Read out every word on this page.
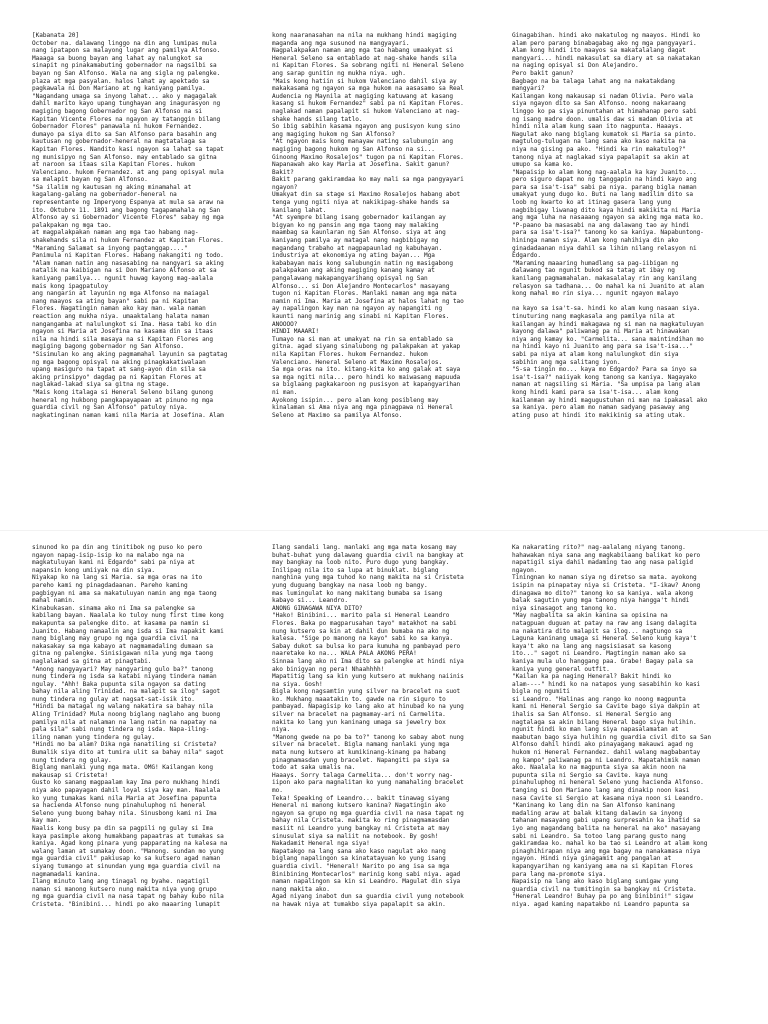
[Kabanata 20]
October na. dalawang linggo na din ang lumipas mula
nang ipatapon sa malayong lugar ang pamilya Alfonso.
Maaaga sa buong bayan ang lahat ay nalungkot sa
sinapit ng pinakamabuting gobernador na nagsilbi sa
bayan ng San Alfonso. Wala na ang sigla ng palengke.
plaza at mga pasyalan. halos lahat ay apektado sa
pagkawala ni Don Mariano at ng kaniyang pamilya.
"Nagandang umaga sa inyong lahat... ako y magagalak
dahil marito kayo upang tunghayan ang inagurasyon ng
magiging bagong Gobernador ng San Alfonso na si
Kapitan Vicente Flores na ngayon ay tatanggin bilang
Gobernador Flores" panawala ni hukom Fernandez.
dumayo pa siya dito sa San Alfonso para basahin ang
kautusan ng gobernador-heneral na magtatalaga sa
Kapitan Flores. Nandito kasi ngayon sa lahat sa tapat
ng munisipyo ng San Alfonso. may entablado sa gitna
at naroon sa itaas sila Kapitan Flores. hukom
Valenciano. hukom Fernandez. at ang pang opisyal mula
sa malapit bayan ng San Alfonso.
"Sa ilalim ng kautusan ng aking minamahal at
kagalang-galang na gobernador-heneral na
representante ng Imperyong Espanya at mula sa araw na
ito. Oktubre 11. 1891 ang bagong tagapamahala ng San
Alfonso ay si Gobernador Vicente Flores" sabay ng mga
palakpakan ng mga tao.
at magpalakpakan naman ang mga tao habang nag-
shakehands sila ni hukom Fernandez at Kapitan Flores.
"Maraming Salamat sa inyong pagtanggap...."
Panimula ni Kapitan Flores. Habang nakangiti ng todo.
"Alam naman natin ang nasasabing na nangyari sa aking
natalik na kaibigan na si Don Mariano Alfonso at sa
kaniyang pamilya... ngunit huwag kayong mag-aalala
mais kong ipagpatuloy
ang nangarin at layunin ng mga Alfonso na maiagal
nang maayos sa ating bayan" sabi pa ni Kapitan
Flores. Nagatingin naman ako kay man. wala naman
reaction ang mukha niya. umaaktalang halata naman
nangangamba at nalulungkot si Ima. Hasa tabi ko din
ngayon si Maria at Josefina na kasama din sa itaas
nila na hindi sila masaya na si Kapitan Flores ang
magiging bagong gobernador ng San Alfonso.
"Sisimulan ko ang aking pagmamahal layunin sa pagtatag
ng mga bagong opisyal na aking pinagkakatiwalaan
upang masiguro na tapat at sang-ayon din sila sa
aking prinsipyo" dagdag pa ni Kapitan Flores at
naglakad-lakad siya sa gitna ng stage.
"Mais kong italaga si Heneral Seleno bilang gunong
heneral ng hukbong pangkapayapaan at pinuno ng mga
guardia civil ng San Alfonso" patuloy niya.
nagkatinginan naman kami nila Maria at Josefina. Alam
kong naaranasahan na nila na mukhang hindi magiging
maganda ang mga susunod na mangyayari.
Nagpalakpakan naman ang mga tao habang umaakyat si
Heneral Seleno sa entablado at nag-shake hands sila
ni Kapitan Flores. Sa sobrang ngiti ni Heneral Seleno
ang sarap gunitin ng mukha niya. ugh.
"Mais kong hatiin si hukom Valenciano dahil siya ay
makakasama ng ngayon sa mga hukom na aasasamo sa Real
Audencia ng Maynila at magiging katuwang at kasang
kasang si hukom Fernandez" sabi pa ni Kapitan Flores.
naglakad naman papalapit si hukom Valenciano at nag-
shake hands silang tatlo.
So ibig sabihin kasama ngayon ang pusisyon kung sino
ang magiging hukom ng San Alfonso?
"At ngayon mais kong manayaw nating salubungin ang
magiging bagong hukom ng San Alfonso na si...
Ginoong Maximo Rosalejos" tugon pa ni Kapitan Flores.
Napanawah ako kay Maria at Josefina. Sakit ganun?
Bakit?
Bakit parang gakiramdaa ko may mali sa mga pangyayari
ngayon?
Umakyat din sa stage si Maximo Rosalejos habang abot
tenga yung ngiti niya at nakikipag-shake hands sa
kanilang lahat.
"At syempre bilang isang gobernador kailangan ay
bigyan ko ng pansin ang mga taong may malaking
maambag sa kaunlaran ng San Alfonso. siya at ang
kaniyang pamilya ay matagal nang nagbibigay ng
magandang trabaho at nagpapaunlad ng kabuhayan.
industriya at ekonomiya ng ating bayan... Mga
kababayan mais kong salubungin natin ng masigabong
palakpakan ang aking magiging kanang kamay at
pangalawang makapangyarihang opisyal ng San
Alfonso... si Don Alejandro Montecarlos" masayang
tugon ni Kapitan Flores. Manlaki naman ang mga mata
namin ni Ima. Maria at Josefina at halos lahat ng tao
ay napalingon kay man na ngayon ay napangiti ng
kaunti nang marinig ang sinabi ni Kapitan Flores.
ANOOOO?
HINDI MAAARI!
Tumayo na si man at umakyat na rin sa entablado sa
gitna. agad siyang sinalubong ng palakpakan at yakap
nila Kapitan Flores. hukom Fernandez. hukom
Valenciano. Heneral Seleno at Maximo Rosalejos.
Sa mga oras na ito. kitang-kita ko ang galak at saya
sa mga ngiti nila... pero hindi ko maiwasang mapuuda
sa biglaang pagkakaroon ng pusisyon at kapangyarihan
ni man.
Ayokong isipin... pero alam kong posibleng may
kinalaman si Ama niya ang mga pinagpawa ni Heneral
Seleno at Maximo sa pamilya Alfonso.
Ginagabihan. hindi ako makatulog ng maayos. Hindi ko
alam pero parang binabagabag ako ng mga pangyayari.
Alam kong hindi ito maayos sa makatalalang dagat
mangyari... hindi makasulat sa diary at sa nakatakan
na naging opisyal si Don Alejandro.
Pero bakit ganun?
Bagbago na ba talaga lahat ang na nakatakdang
mangyari?
Kailangan kong makausap si nadam Olivia. Pero wala
siya ngayon dito sa San Alfonso. noong nakaraang
linggo ko pa siya pinuntahan at himahanap pero sabi
ng isang madre doon. umalis daw si madam Olivia at
hindi nila alam kung saan ito nagpunta. Haaays.
Nagulat ako nang biglang kumatok si Maria sa pinto.
magtulog-tulugan na lang sana ako kaso nakita na
niya na gising pa ako. "Hindi ka rin makatulog?"
tanong niya at naglakad siya papalapit sa akin at
umupo sa kama ko.
"Napaisip ko alam kong nag-aalala ka kay Juanito...
pero siguro dapat mo ng tanggapin na hindi kayo ang
para sa isa't-isa" sabi pa niya. parang bigla naman
umakyat yung dugo ko. Buti na lang madilim dito sa
loob ng kwarto ko at itinag gasera lang yung
nagbibigay liwanag dito kaya hindi makikita ni Maria
ang mga luha na nasaaang ngayon sa aking mga mata ko.
"P-paano ba masasabi na ang dalawang tao ay hindi
para sa isa't-isa?" tanong ko sa kaniya. Napabuntong-
hininga naman siya. Alam kong nahihiya din ako
ginadadaanan niya dahil sa lihim nilang relasyon ni
Edgardo.
"Maraming maaaring humadlang sa pag-iibigan ng
dalawang tao ngunit bukod sa tatag at ibay ng
kanilang pagmamahalan. makasalalay rin ang kanilang
relasyon sa tadhana... Oo mahal ka ni Juanito at alam
kong mahal mo rin siya... ngunit ngayon malayo
na kayo sa isa't-sa. hindi ko alam kung nasaan siya.
tinuturing nang magkasala ang pamilya nila at
kailangan ay hindi makagawa ng si man na magkatuluyan
kayong dalawa" paliwanag pa ni Maria at hinawakan
niya ang kamay ko. "Carmelita... sana maintindihan mo
na hindi kayo ni Juanito ang para sa isa't-isa..."
sabi pa niya at alam kong nalulungkot din siya
sabihin ang mga salitang iyon.
"S-sa tingin mo... kaya mo Edgardo? Para sa inyo sa
isa't-isa?" naiiyak kong tanong sa kaniya. Nagayako
naman at nagsiling si Maria. "Sa umpisa pa lang alam
kong hindi kami para sa isa't-isa... alam kong
kailanman ay hindi magugustuhan ni man na ipakasal ako
sa kaniya. pero alam mo naman sadyang pasaway ang
ating puso at hindi ito makikinig sa ating utak.
sinunod ko pa din ang tinitibok ng puso ko pero
ngayon napag-isip-isip ko na malabo nga na
magkatuluyan kami ni Edgardo" sabi pa niya at
napansin kong umiiyak na din siya.
Niyakap ko na lang si Maria. sa mga oras na ito
pareho kami ng pinagdadaanan. Pareho kaming
pagbigyan ni ama sa makatuluyan namin ang mga taong
mahal namin.
Kinabukasan. sinama ako ni Ima sa palengke sa
kabilang bayan. Naalala ko tuloy nung first time kong
makapunta sa palengke dito. at kasama pa namin si
Juanito. Habang namaalin ang isda si Ima napakit kami
nang biglang may grupo ng mga guardia civil na
nakasakay sa mga kabayo at nagmamadaling dumaan sa
gitna ng palengke. Sinisigawan nila yung mga taong
naglalakad sa gitna at pinagtabi.
"Anong nangyayari? May nangyaring gulo ba?" tanong
nung tindera ng isda sa katabi niyang tindera naman
ngulay. "Ahh! Baka pupunta sila ngayon sa dating
bahay nila aling Trinidad. na malapit sa ilog" sagot
nung tindera ng gulay at nagsat-sat-isik ito.
"Hindi ba matagal ng walang nakatira sa bahay nila
Aling Trinidad? Mula noong biglang naglaho ang buong
pamilya nila at nalaman na lang natin na napatay na
pala sila" sabi nung tindera ng isda. Napa-iling-
iling naman yung tindera ng gulay.
"Hindi mo ba alam? Dika nga nanatiling si Cristeta?
Bumalik siya dito at tumira ulit sa bahay nila" sagot
nung tindera ng gulay.
Biglang manlaki yung mga mata. OMG! Kailangan kong
makausap si Cristeta!
Gusto ko sanang magpaalam kay Ima pero mukhang hindi
niya ako papayagan dahil loyal siya kay man. Naalala
ko yung tumakas kami nila Maria at Josefina papunta
sa hacienda Alfonso nung pinahuluphog ni heneral
Seleno yung buong bahay nila. Sinusbong kami ni Ima
kay man.
Naalis kong busy pa din sa pagpili ng gulay si Ima
kaya pasimple akong humakbang papaatras at tumakas sa
kaniya. Agad kong pinara yung papparating na kalesa na
walang laman at sumakay doon. "Manong. sundan mo yung
mga guardia civil" pakiusap ko sa kutsero agad naman
siyang tumango at sinundan yung mga guardia civil na
nagmamadali kanina.
Ilang minuto lang ang tinagal ng byahe. nagatigil
naman si manong kutsero nung makita niya yung grupo
ng mga guardia civil na nasa tapat ng bahay kubo nila
Cristeta. "Binibini... hindi po ako maaaring lumapit
Ilang sandali lang. manlaki ang mga mata kosang may
buhat-buhat yung dalawang guardia civil na bangkay at
may bangkay na loob nito. Puro dugo yung bangkay.
Inilipag nila ito sa lupa at binuklat. biglang
nanghina yung mga tuhod ko nang makita na si Cristeta
yung duguang bangkay na nasa loob ng bangy.
mas lumingulat ko nang makitang bumaba sa isang
kabayo si... Leandro.
ANONG GINAGAWA NIYA DITO?
"Hako! Binibini... marito pala si Heneral Leandro
Flores. Baka po magparusahan tayo" matakhot na sabi
nung kutsero sa kin at dahil dun bumaba na ako ng
kalesa. "Sige po manong na kayo" sabi ko sa kanya.
Sabay dukot sa bulsa ko para kumuha ng pambayad pero
naaretake ko na... WALA PALA AKONG PERA!
Sinnaa lang ako ni Ima dito sa palengke at hindi niya
ako binigyan ng pera! Nhaahhhh!
Mapatitig lang sa kin yung kutsero at mukhang naiinis
na siya. Gosh!
Bigla kong nagsamtin yung silver na bracelet na suot
ko. Mukhang maaatakin to. gawde na rin siguro to
pambayad. Napagisip ko lang ako at hinubad ko na yung
silver na bracelet na pagmamay-ari ni Carmelita.
nakita ko lang yun kaninang umaga sa jewelry box
niya.
"Manong gwede na po ba to?" tanong ko sabay abot nung
silver na bracelet. Bigla namang nanlaki yung mga
mata nung kutsero at kumikinang-kinang pa habang
pinagmamasdan yung bracelet. Napangiti pa siya sa
todo at saka umalis na.
Haaays. Sorry talaga Carmelita... don't worry nag-
iipon ako para magnalitan ko yung namahaling bracelet
mo.
Teka! Speaking of Leandro... bakit tinawag siyang
Heneral ni manong kutsero kanina? Nagatingin ako
ngayon sa grupo ng mga guardia civil na nasa tapat ng
bahay nila Cristeta. makita ko ring pinagmamasdan
masiit ni Leandro yung bangkay ni Cristeta at may
sinusulat siya sa maliit na notebook. By gosh!
Nakadamit Heneral nga siya!
Napatakgo na lang sana ako kaso nagulat ako nang
biglang napalingon sa kinatatayuan ko yung isang
guardia civil. "Heneral! Narito po ang isa sa mga
Binibining Montecarlos" marinig kong sabi niya. agad
naman napalingon sa kin si Leandro. Magulat din siya
nang makita ako.
Agad niyang inabot dun sa guardia civil yung notebook
na hawak niya at tumakbo siya papalapit sa akin.
Ka nakarating rito?" nag-aalalang niyang tanong.
hahawakan niya sana ang magkabilaang balikat ko pero
napatigil siya dahil madaming tao ang nasa paligid
ngayon.
Tiningnan ko naman siya ng diretso sa mata. ayokong
isipin na pinapatay niya si Cristeta. "I-ikaw? Anong
dinagawa mo dito?" tanong ko sa kaniya. wala akong
balak sagutin yung mga tanong niya hangga't hindi
niya sinasagot ang tanong ko.
"May nagbalita sa akin kanina sa opisina na
natagpuan duguan at patay na raw ang isang dalagita
na nakatira dito malapit sa ilog... nagtungo sa
Laguna kaninang umaga si Heneral Seleno kung kaya't
kaya't ako na lang ang nagsisiasat sa kasong
ito..." sagot ni Leandro. Magtingin naman ako sa
kaniya mula ulo hanggang paa. Grabe! Bagay pala sa
kaniya yung general outfit.
"Kailan ka pa naging Heneral? Bakit hindi ko
alam----" hindi ko na natapos yung sasabihin ko kasi
bigla ng ngumiti
si Leandro. "Halinas ang rango ko noong magpunta
kami ni Heneral Sergio sa Cavite bago siya dakpin at
ihalis sa San Alfonso. si Heneral Sergio ang
nagtalaga sa akin bilang Heneral bago siya hulihin.
ngunit hindi ko man lang siya napasalamatan at
maabutan bago siya hulihin ng guardia civil dito sa San
Alfonso dahil hindi ako pinayagang makauwi agad ng
hukom ni Heneral Fernandez. dahil walang magbabantay
ng kampo" paliwanag pa ni Leandro. Mapatahimik naman
ako. Naalala ko na magpunta siya sa akin noon na
pupunta sila ni Sergio sa Cavite. kaya nung
pinahuluphog ni heneral Seleno yung hacienda Alfonso.
tanging si Don Mariano lang ang dinakip noon kasi
nasa Cavite si Sergio at kasama niya noon si Leandro.
"Kaninang ko lang din na San Alfonso kaninang
madaling araw at balak kitang dalawin sa inyong
tahanan masayang gabi upang surpresahin ka ihatid sa
iyo ang magandang balita na heneral na ako" masayang
sabi ni Leandro. Sa totoo lang parang gusto nang
gakiramdaa ko. mahal ko ba tao si Leandro at alam kong
pinaghihirapan niya ang mga bagay na nanakamasa niya
ngayon. Hindi niya ginagamit ang pangalan at
kapangyarihan ng kaniyang ama na si Kapitan Flores
para lang ma-promote siya.
Napaisip na lang ako kaso biglang sumigaw yung
guardia civil na tumitingin sa bangkay ni Cristeta.
"Heneral Leandro! Buhay pa po ang binibini!" sigaw
niya. agad kaming napatakbo ni Leandro papunta sa
